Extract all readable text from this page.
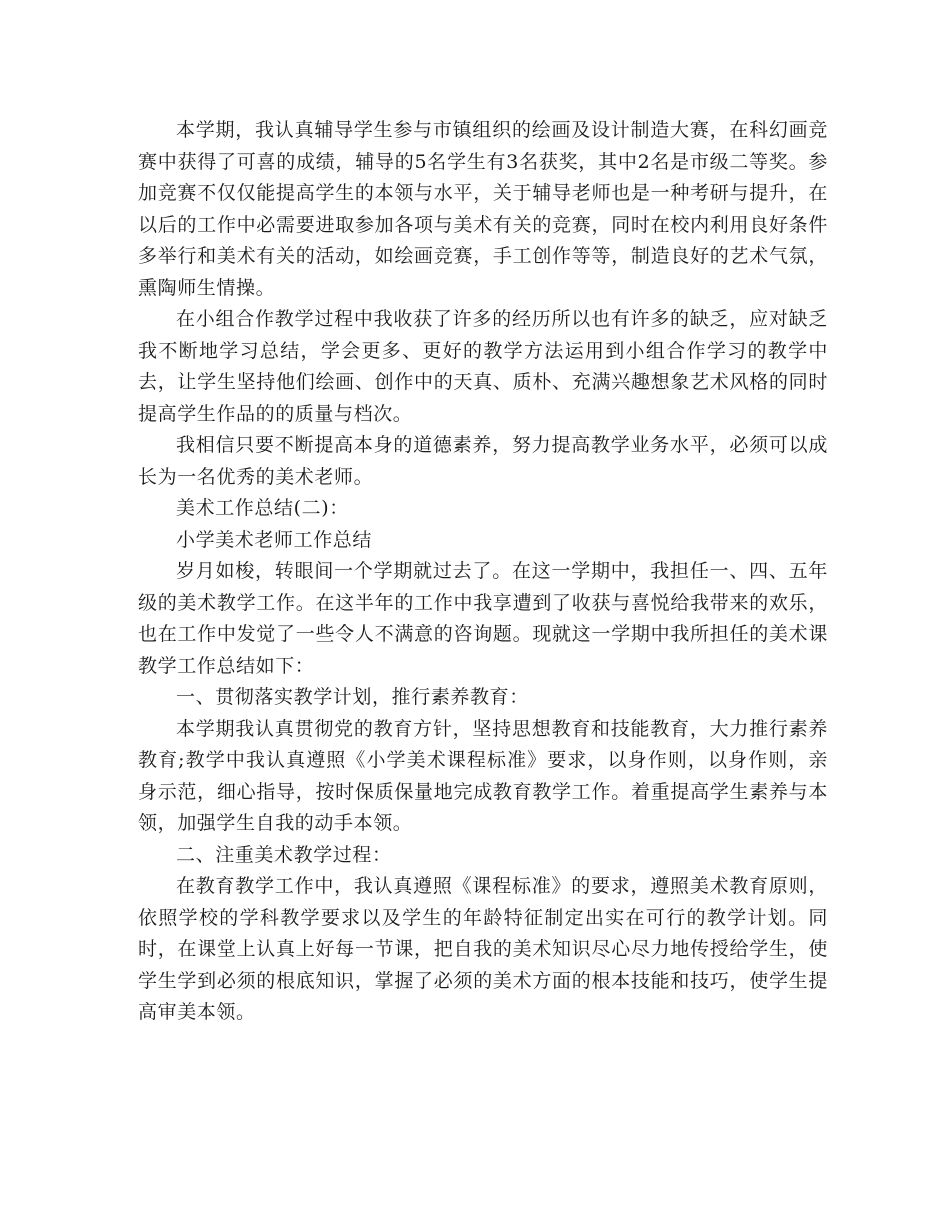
本学期，我认真辅导学生参与市镇组织的绘画及设计制造大赛，在科幻画竞赛中获得了可喜的成绩，辅导的5名学生有3名获奖，其中2名是市级二等奖。参加竞赛不仅仅能提高学生的本领与水平，关于辅导老师也是一种考研与提升，在以后的工作中必需要进取参加各项与美术有关的竞赛，同时在校内利用良好条件多举行和美术有关的活动，如绘画竞赛，手工创作等等，制造良好的艺术气氛，熏陶师生情操。

在小组合作教学过程中我收获了许多的经历所以也有许多的缺乏，应对缺乏我不断地学习总结，学会更多、更好的教学方法运用到小组合作学习的教学中去，让学生坚持他们绘画、创作中的天真、质朴、充满兴趣想象艺术风格的同时提高学生作品的的质量与档次。

我相信只要不断提高本身的道德素养，努力提高教学业务水平，必须可以成长为一名优秀的美术老师。

美术工作总结(二)：

小学美术老师工作总结

岁月如梭，转眼间一个学期就过去了。在这一学期中，我担任一、四、五年级的美术教学工作。在这半年的工作中我享遭到了收获与喜悦给我带来的欢乐，也在工作中发觉了一些令人不满意的咨询题。现就这一学期中我所担任的美术课教学工作总结如下：

一、贯彻落实教学计划，推行素养教育：

本学期我认真贯彻党的教育方针，坚持思想教育和技能教育，大力推行素养教育;教学中我认真遵照《小学美术课程标准》要求，以身作则，以身作则，亲身示范，细心指导，按时保质保量地完成教育教学工作。着重提高学生素养与本领，加强学生自我的动手本领。

二、注重美术教学过程：

在教育教学工作中，我认真遵照《课程标准》的要求，遵照美术教育原则，依照学校的学科教学要求以及学生的年龄特征制定出实在可行的教学计划。同时，在课堂上认真上好每一节课，把自我的美术知识尽心尽力地传授给学生，使学生学到必须的根底知识，掌握了必须的美术方面的根本技能和技巧，使学生提高审美本领。
